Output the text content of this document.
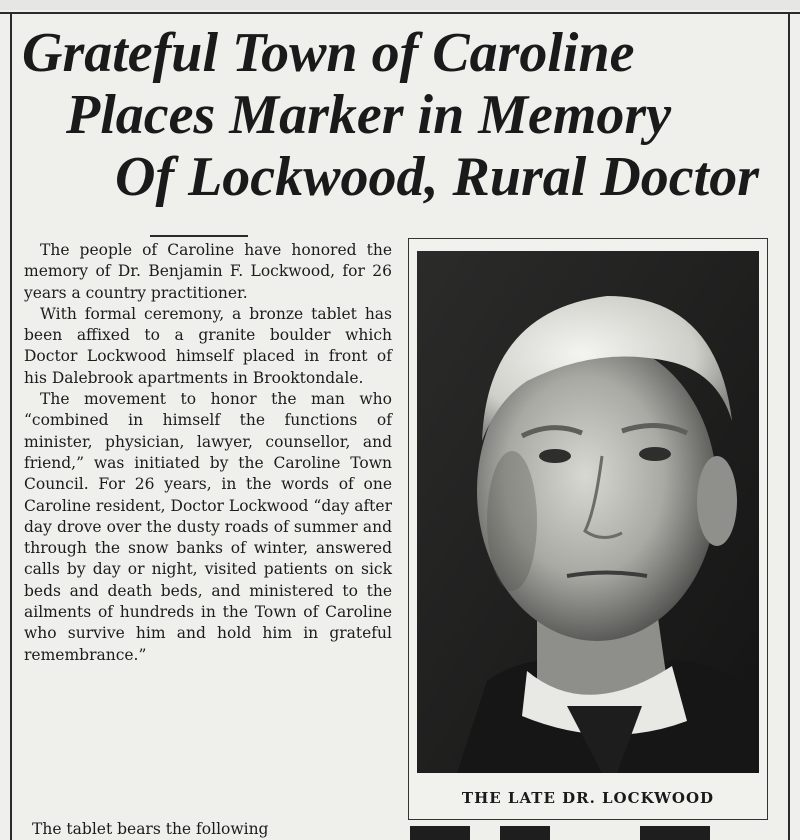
Grateful Town of Caroline
Places Marker in Memory
Of Lockwood, Rural Doctor

The people of Caroline have honored the memory of Dr. Benjamin F. Lockwood, for 26 years a country practitioner.

With formal ceremony, a bronze tablet has been affixed to a granite boulder which Doctor Lockwood himself placed in front of his Dalebrook apartments in Brooktondale.

The movement to honor the man who “combined in himself the functions of minister, physician, lawyer, counsellor, and friend,” was initiated by the Caroline Town Council. For 26 years, in the words of one Caroline resident, Doctor Lockwood “day after day drove over the dusty roads of summer and through the snow banks of winter, answered calls by day or night, visited patients on sick beds and death beds, and ministered to the ailments of hundreds in the Town of Caroline who survive him and hold him in grateful remembrance.”

The tablet bears the following

THE LATE DR. LOCKWOOD
